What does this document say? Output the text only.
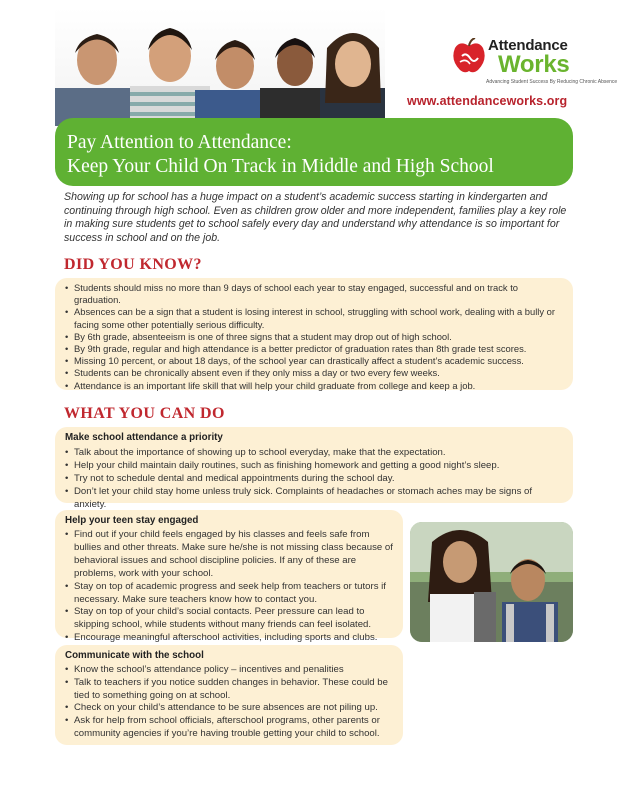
Attendance
Works
Advancing Student Success By Reducing Chronic Absence
www.attendanceworks.org
Pay Attention to Attendance:
Keep Your Child On Track in Middle and High School

Showing up for school has a huge impact on a student’s academic success starting in kindergarten and continuing through high school. Even as children grow older and more independent, families play a key role in making sure students get to school safely every day and understand why attendance is so important for success in school and on the job.

DID YOU KNOW?
• Students should miss no more than 9 days of school each year to stay engaged, successful and on track to graduation.
• Absences can be a sign that a student is losing interest in school, struggling with school work, dealing with a bully or facing some other potentially serious difficulty.
• By 6th grade, absenteeism is one of three signs that a student may drop out of high school.
• By 9th grade, regular and high attendance is a better predictor of graduation rates than 8th grade test scores.
• Missing 10 percent, or about 18 days, of the school year can drastically affect a student’s academic success.
• Students can be chronically absent even if they only miss a day or two every few weeks.
• Attendance is an important life skill that will help your child graduate from college and keep a job.
WHAT YOU CAN DO
Make school attendance a priority
• Talk about the importance of showing up to school everyday, make that the expectation.
• Help your child maintain daily routines, such as finishing homework and getting a good night’s sleep.
• Try not to schedule dental and medical appointments during the school day.
• Don’t let your child stay home unless truly sick. Complaints of headaches or stomach aches may be signs of anxiety.
Help your teen stay engaged
• Find out if your child feels engaged by his classes and feels safe from bullies and other threats. Make sure he/she is not missing class because of behavioral issues and school discipline policies. If any of these are problems, work with your school.
• Stay on top of academic progress and seek help from teachers or tutors if necessary. Make sure teachers know how to contact you.
• Stay on top of your child’s social contacts. Peer pressure can lead to skipping school, while students without many friends can feel isolated.
• Encourage meaningful afterschool activities, including sports and clubs.
Communicate with the school
• Know the school’s attendance policy – incentives and penalities
• Talk to teachers if you notice sudden changes in behavior. These could be tied to something going on at school.
• Check on your child’s attendance to be sure absences are not piling up.
• Ask for help from school officials, afterschool programs, other parents or community agencies if you’re having trouble getting your child to school.
